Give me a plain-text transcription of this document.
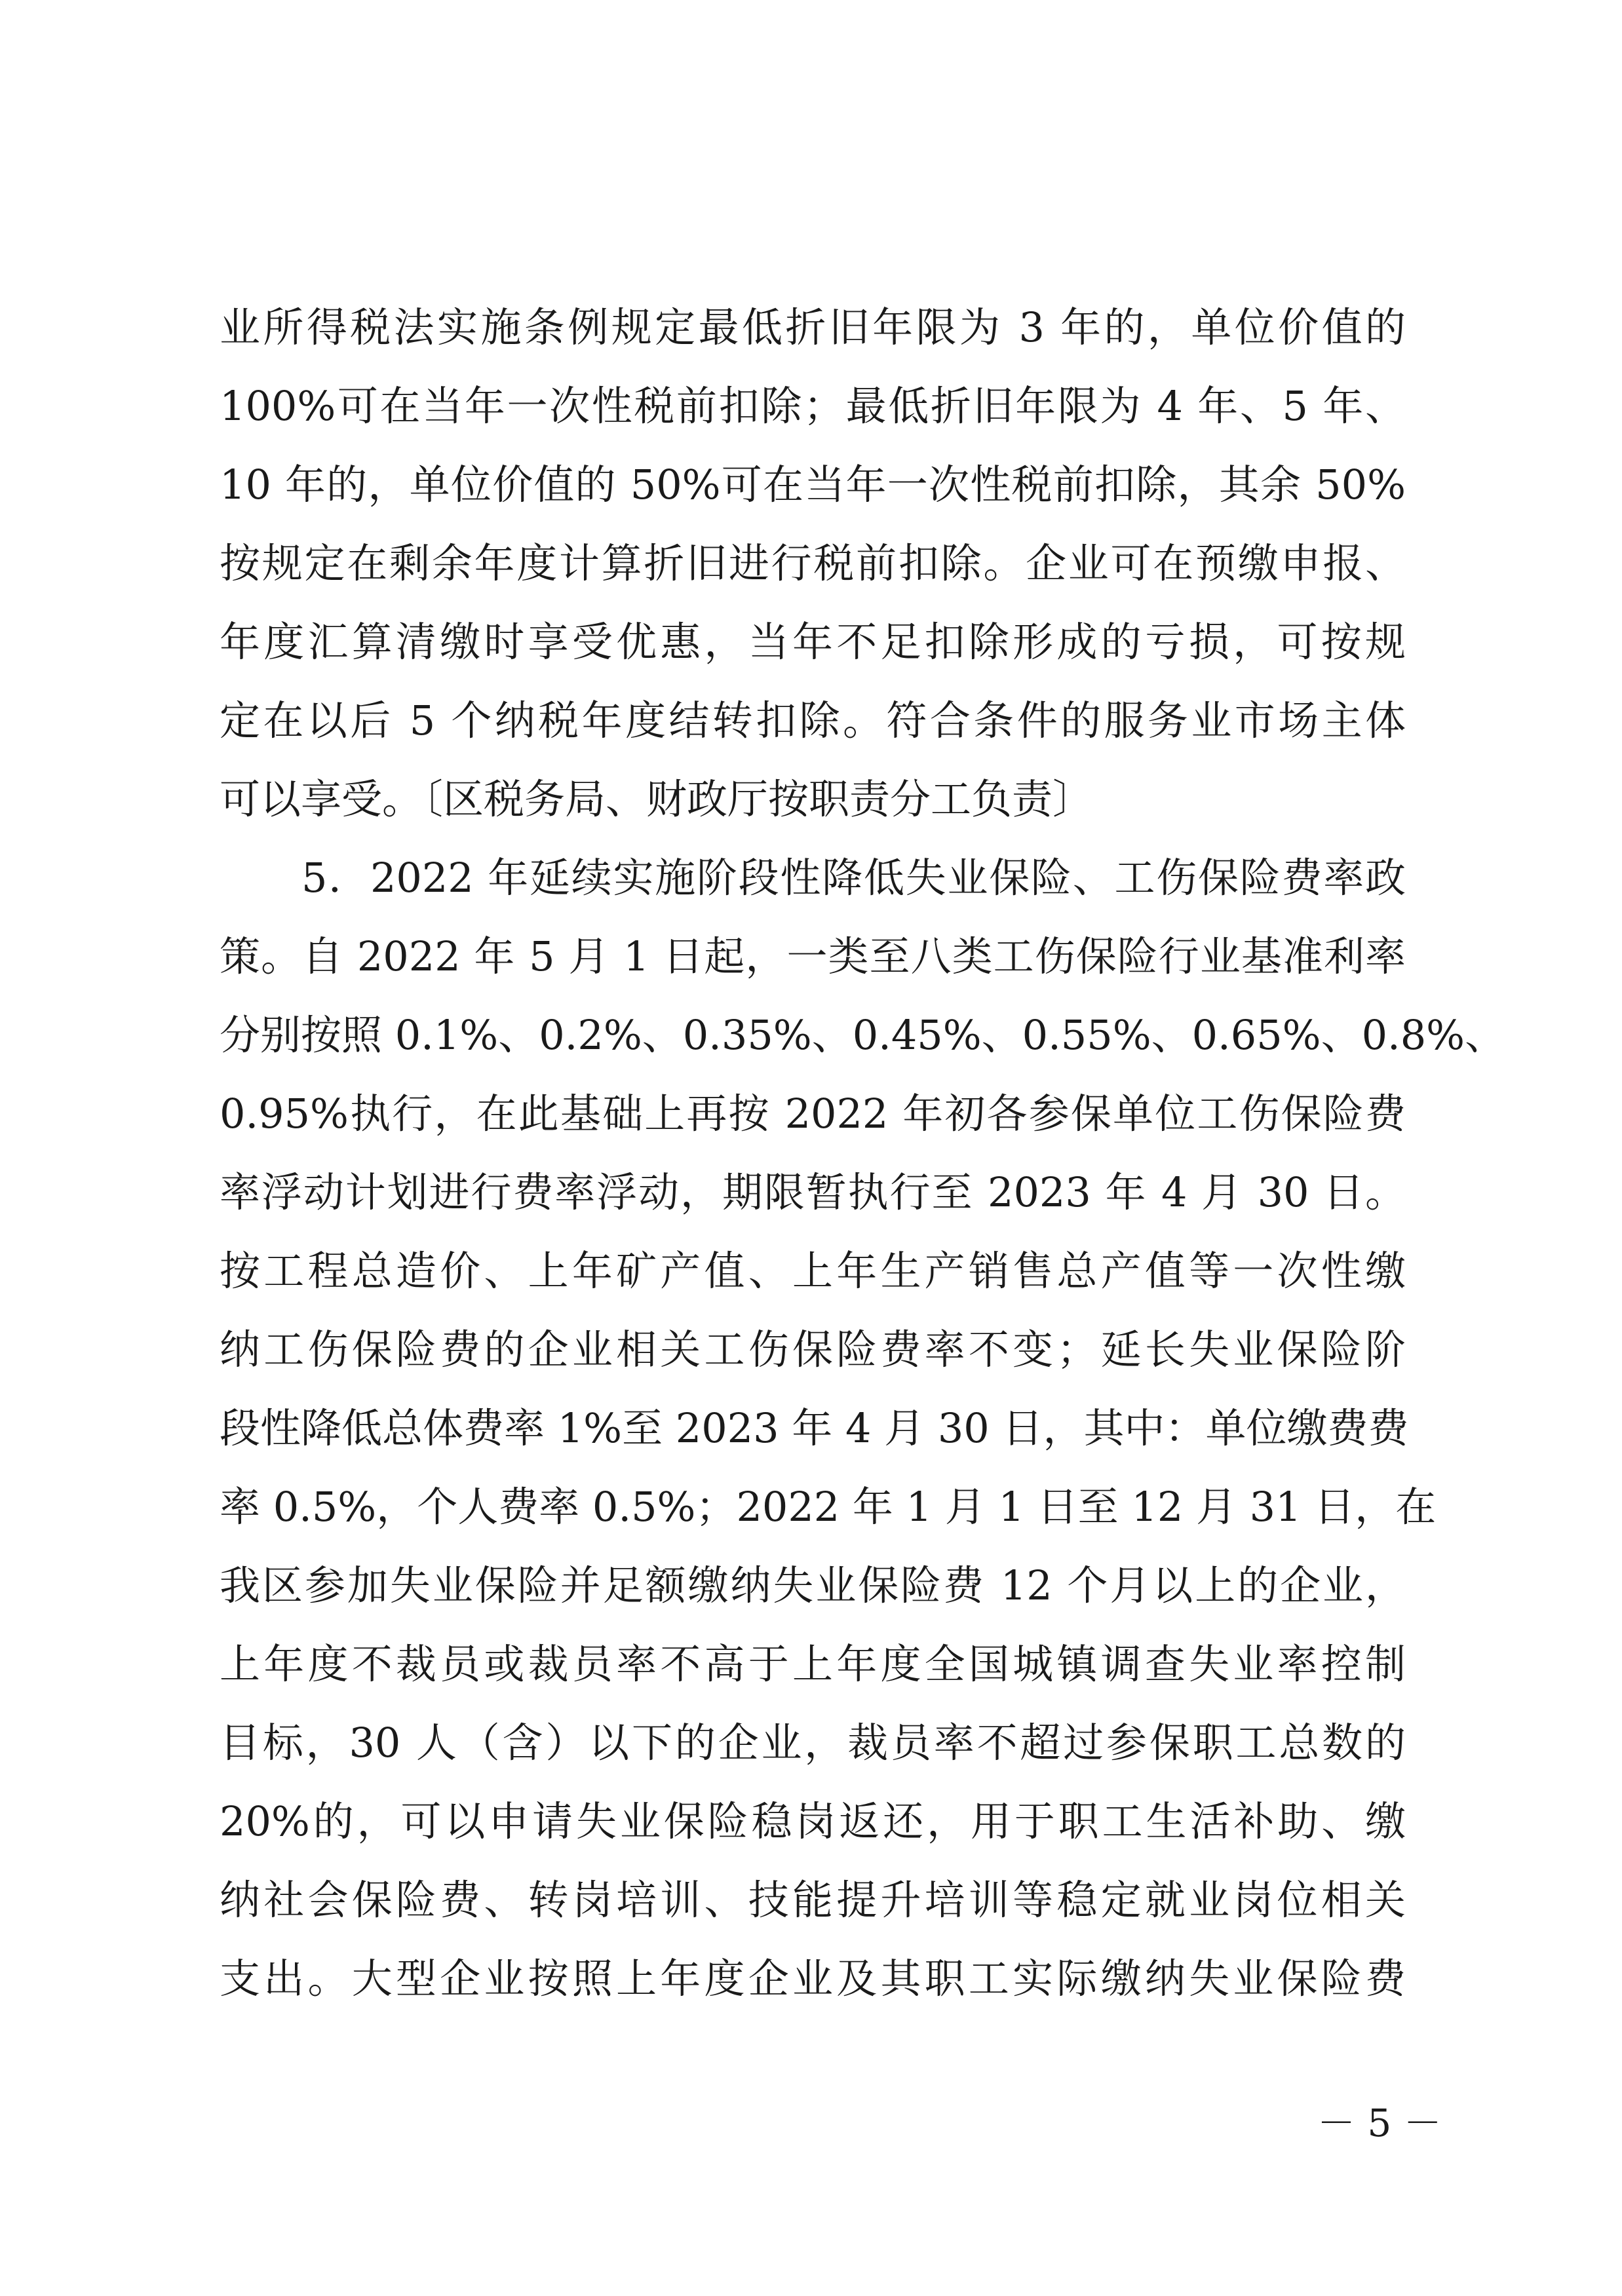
业所得税法实施条例规定最低折旧年限为 3 年的，单位价值的
100%可在当年一次性税前扣除；最低折旧年限为 4 年、5 年、
10 年的，单位价值的 50%可在当年一次性税前扣除，其余 50%
按规定在剩余年度计算折旧进行税前扣除。企业可在预缴申报、
年度汇算清缴时享受优惠，当年不足扣除形成的亏损，可按规
定在以后 5 个纳税年度结转扣除。符合条件的服务业市场主体
可以享受。〔区税务局、财政厅按职责分工负责〕
5．2022 年延续实施阶段性降低失业保险、工伤保险费率政
策。自 2022 年 5 月 1 日起，一类至八类工伤保险行业基准利率
分别按照 0.1%、0.2%、0.35%、0.45%、0.55%、0.65%、0.8%、
0.95%执行，在此基础上再按 2022 年初各参保单位工伤保险费
率浮动计划进行费率浮动，期限暂执行至 2023 年 4 月 30 日。
按工程总造价、上年矿产值、上年生产销售总产值等一次性缴
纳工伤保险费的企业相关工伤保险费率不变；延长失业保险阶
段性降低总体费率 1%至 2023 年 4 月 30 日，其中：单位缴费费
率 0.5%，个人费率 0.5%；2022 年 1 月 1 日至 12 月 31 日，在
我区参加失业保险并足额缴纳失业保险费 12 个月以上的企业，
上年度不裁员或裁员率不高于上年度全国城镇调查失业率控制
目标，30 人（含）以下的企业，裁员率不超过参保职工总数的
20%的，可以申请失业保险稳岗返还，用于职工生活补助、缴
纳社会保险费、转岗培训、技能提升培训等稳定就业岗位相关
支出。大型企业按照上年度企业及其职工实际缴纳失业保险费
－ 5 －
